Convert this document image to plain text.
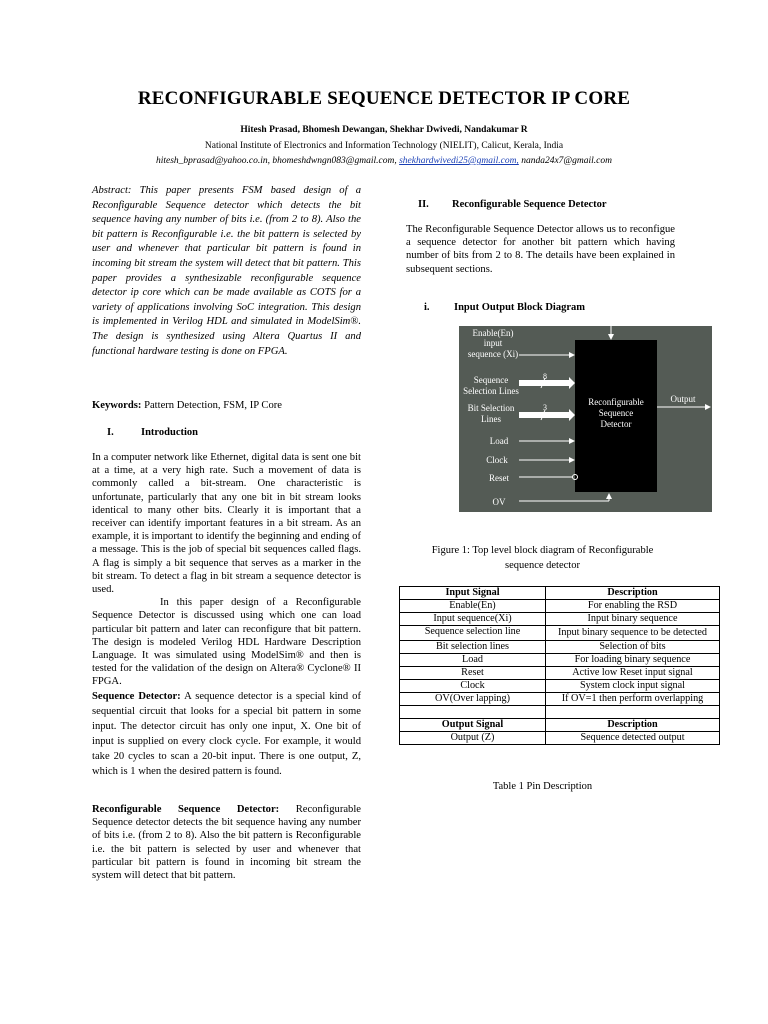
RECONFIGURABLE SEQUENCE DETECTOR IP CORE
Hitesh Prasad, Bhomesh Dewangan, Shekhar Dwivedi, Nandakumar R
National Institute of Electronics and Information Technology (NIELIT), Calicut, Kerala, India
hitesh_bprasad@yahoo.co.in, bhomeshdwngn083@gmail.com, shekhardwivedi25@gmail.com, nanda24x7@gmail.com

Abstract: This paper presents FSM based design of a Reconfigurable Sequence detector which detects the bit sequence having any number of bits i.e. (from 2 to 8). Also the bit pattern is Reconfigurable i.e. the bit pattern is selected by user and whenever that particular bit pattern is found in incoming bit stream the system will detect that bit pattern. This paper provides a synthesizable reconfigurable sequence detector ip core which can be made available as COTS for a variety of applications involving SoC integration. This design is implemented in Verilog HDL and simulated in ModelSim®. The design is synthesized using Altera Quartus II and functional hardware testing is done on FPGA.

Keywords: Pattern Detection, FSM, IP Core

I.	Introduction

In a computer network like Ethernet, digital data is sent one bit at a time, at a very high rate. Such a movement of data is commonly called a bit-stream. One characteristic is unfortunate, particularly that any one bit in bit stream looks identical to many other bits. Clearly it is important that a receiver can identify important features in a bit stream. As an example, it is important to identify the beginning and ending of a message. This is the job of special bit sequences called flags. A flag is simply a bit sequence that serves as a marker in the bit stream. To detect a flag in bit stream a sequence detector is used.

In this paper design of a Reconfigurable Sequence Detector is discussed using which one can load particular bit pattern and later can reconfigure that bit pattern. The design is modeled Verilog HDL Hardware Description Language. It was simulated using ModelSim® and then is tested for the validation of the design on Altera® Cyclone® II FPGA.

Sequence Detector: A sequence detector is a special kind of sequential circuit that looks for a special bit pattern in some input. The detector circuit has only one input, X. One bit of input is supplied on every clock cycle. For example, it would take 20 cycles to scan a 20-bit input. There is one output, Z, which is 1 when the desired pattern is found.

Reconfigurable Sequence Detector: Reconfigurable Sequence detector detects the bit sequence having any number of bits i.e. (from 2 to 8). Also the bit pattern is Reconfigurable i.e. the bit pattern is selected by user and whenever that particular bit pattern is found in incoming bit stream the system will detect that bit pattern.

II. Reconfigurable Sequence Detector

The Reconfigurable Sequence Detector allows us to reconfigue a sequence detector for another bit pattern which having number of bits from 2 to 8. The details have been explained in subsequent sections.

i. Input Output Block Diagram
Reconfigurable
Sequence
Detector
Enable(En)
input
sequence (Xi)
Sequence
Selection Lines
8
Bit Selection
Lines
3
Load
Clock
Reset
OV
Output
Figure 1: Top level block diagram of Reconfigurable
sequence detector
Input Signal	Description
Enable(En)	For enabling the RSD
Input sequence(Xi)	Input binary sequence
Sequence selection line	Input binary sequence to be detected
Bit selection lines	Selection of bits
Load	For loading binary sequence
Reset	Active low Reset input signal
Clock	System clock input signal
OV(Over lapping)	If OV=1 then perform overlapping

Output Signal	Description
Output (Z)	Sequence detected output
Table 1 Pin Description
